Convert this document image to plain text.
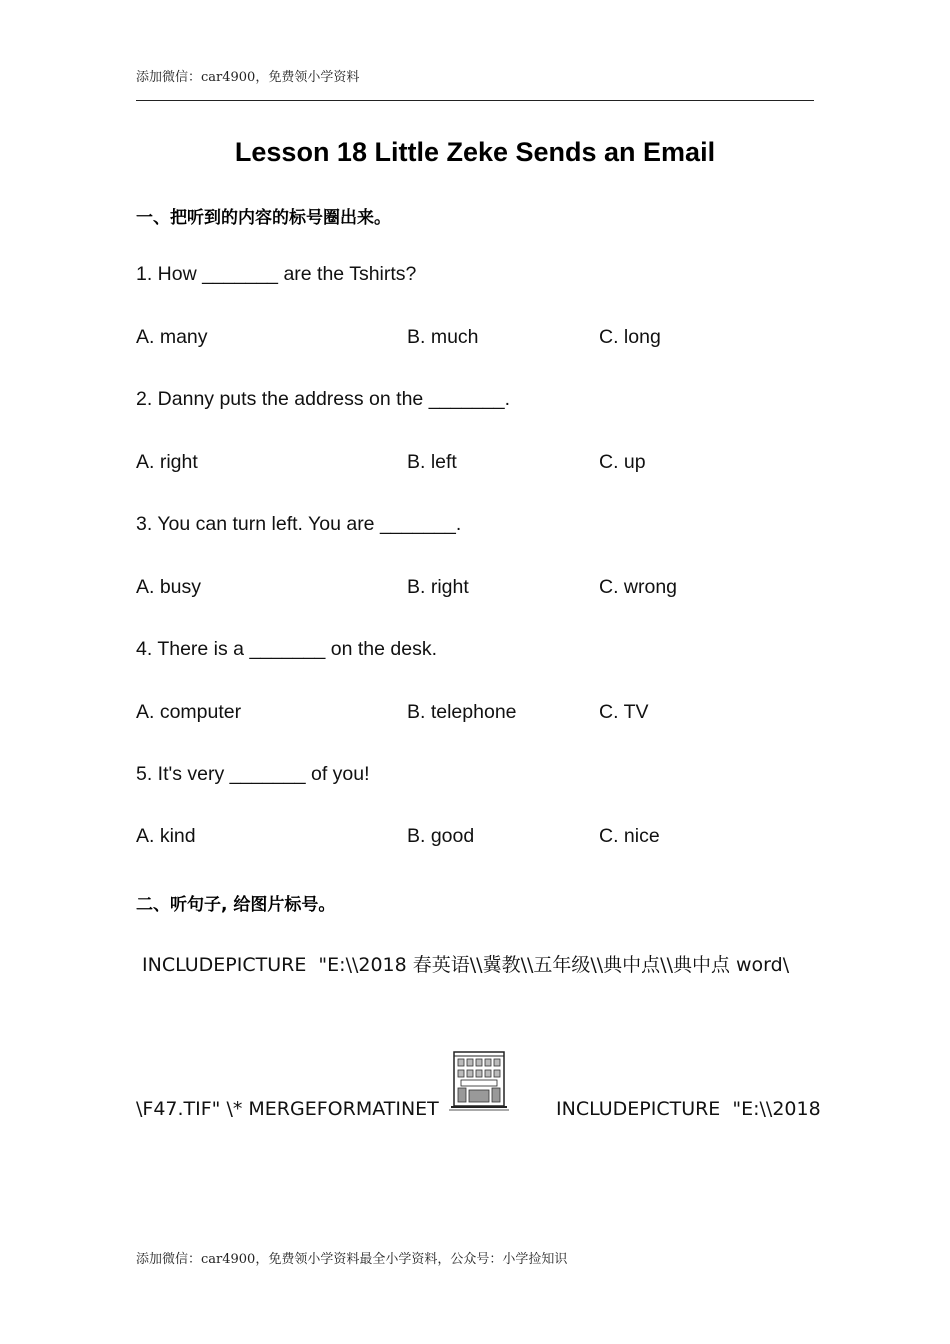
添加微信：car4900，免费领小学资料
Lesson 18 Little Zeke Sends an Email
一、把听到的内容的标号圈出来。
1. How _______ are the Tshirts?
A. many	B. much	C. long
2. Danny puts the address on the _______.
A. right	B. left	C. up
3. You can turn left. You are _______.
A. busy	B. right	C. wrong
4. There is a _______ on the desk.
A. computer	B. telephone	C. TV
5. It's very _______ of you!
A. kind	B. good	C. nice
二、听句子, 给图片标号。
INCLUDEPICTURE  "E:\\2018 春英语\\冀教\\五年级\\典中点\\典中点 word\
\F47.TIF" \* MERGEFORMATINET	INCLUDEPICTURE  "E:\\2018
添加微信：car4900，免费领小学资料最全小学资料，公众号：小学捡知识
